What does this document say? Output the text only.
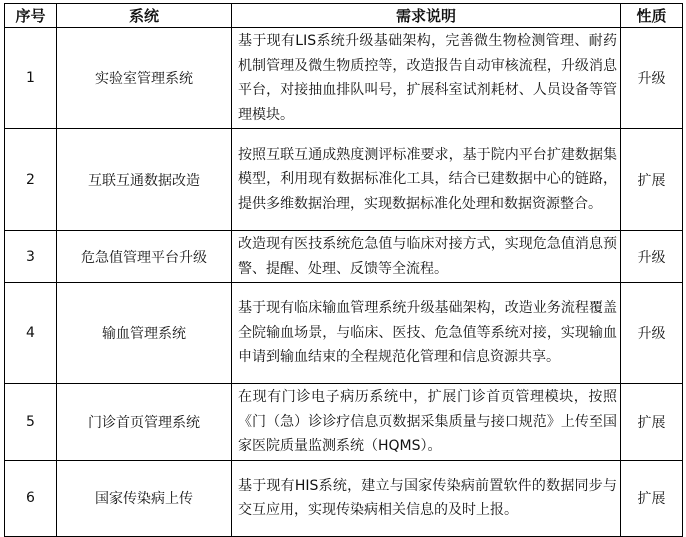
序号	系统	需求说明	性质
1	实验室管理系统	基于现有LIS系统升级基础架构，完善微生物检测管理、耐药机制管理及微生物质控等，改造报告自动审核流程，升级消息平台，对接抽血排队叫号，扩展科室试剂耗材、人员设备等管理模块。	升级
2	互联互通数据改造	按照互联互通成熟度测评标准要求，基于院内平台扩建数据集模型，利用现有数据标准化工具，结合已建数据中心的链路，提供多维数据治理，实现数据标准化处理和数据资源整合。	扩展
3	危急值管理平台升级	改造现有医技系统危急值与临床对接方式，实现危急值消息预警、提醒、处理、反馈等全流程。	升级
4	输血管理系统	基于现有临床输血管理系统升级基础架构，改造业务流程覆盖全院输血场景，与临床、医技、危急值等系统对接，实现输血申请到输血结束的全程规范化管理和信息资源共享。	升级
5	门诊首页管理系统	在现有门诊电子病历系统中，扩展门诊首页管理模块，按照《门（急）诊诊疗信息页数据采集质量与接口规范》上传至国家医院质量监测系统（HQMS）。	扩展
6	国家传染病上传	基于现有HIS系统，建立与国家传染病前置软件的数据同步与交互应用，实现传染病相关信息的及时上报。	扩展
